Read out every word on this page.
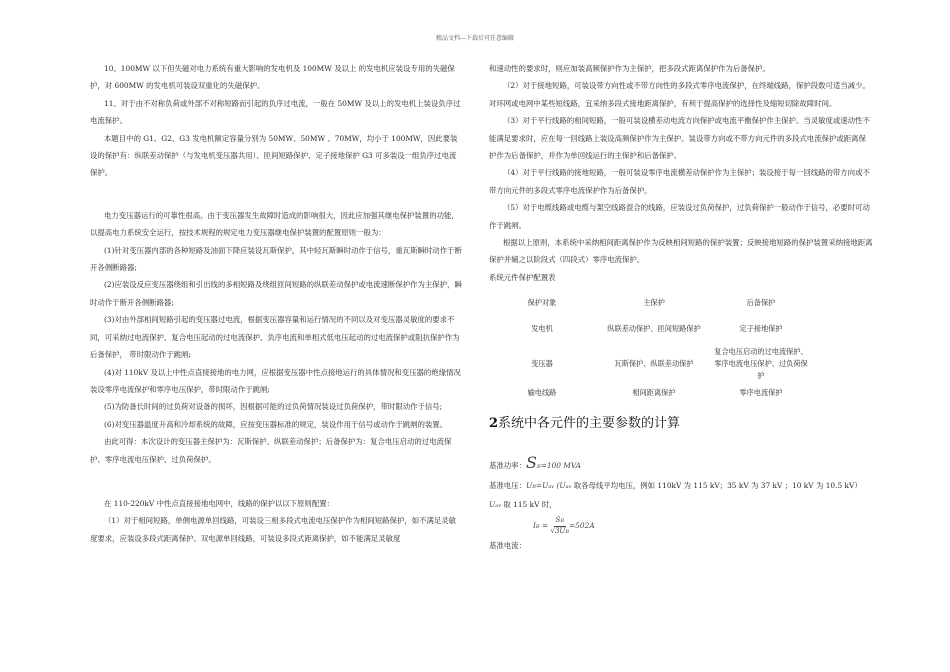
精品文档---下载后可任意编辑

10、100MW 以下但失磁对电力系统有重大影响的发电机及 100MW 及以上 的发电机应装设专用的失磁保护，对 600MW 的发电机可装设双重化的失磁保护。

11、对于由不对称负荷或外部不对称短路而引起的负序过电流，一般在 50MW 及以上的发电机上装设负序过电流保护。

本题目中的 G1、G2、G3 发电机额定容量分别为 50MW、50MW 、70MW，均小于 100MW，因此要装设的保护有：纵联差动保护（与发电机变压器共用）、匝间短路保护、定子接地保护 G3 可多装设一组负序过电流保护。

电力变压器运行的可靠性很高。由于变压器发生故障时造成的影响很大，因此应加强其继电保护装置的功能，以提高电力系统安全运行，按技术规程的规定电力变压器继电保护装置的配置原则一般为：

(1)针对变压器内部的各种短路及油面下降应装设瓦斯保护，其中轻瓦斯瞬时动作于信号，重瓦斯瞬时动作于断开各侧断路器;

(2)应装设反应变压器绕组和引出线的多相短路及绕组匝间短路的纵联差动保护或电流速断保护作为主保护，瞬时动作于断开各侧断路器;

(3)对由外部相间短路引起的变压器过电流，根据变压器容量和运行情况的不同以及对变压器灵敏度的要求不同，可采纳过电流保护、复合电压起动的过电流保护、负序电流和单相式低电压起动的过电流保护或阻抗保护作为后备保护， 带时限动作于跳闸;

(4)对 110kV 及以上中性点直接接地的电力网，应根据变压器中性点接地运行的具体情况和变压器的绝缘情况装设零序电流保护和零序电压保护，带时限动作于跳闸;

(5)为防备长时间的过负荷对设备的损坏，因根据可能的过负荷情况装设过负荷保护，带时限动作于信号;

(6)对变压器温度升高和冷却系统的故障，应按变压器标准的规定，装设作用于信号或动作于跳闸的装置。

由此可得：本次设计的变压器主保护为：瓦斯保护、纵联差动保护；后备保护为：复合电压启动的过电流保护、零序电流电压保护、过负荷保护。

在 110-220kV 中性点直接接地电网中，线路的保护以以下原则配置：

（1）对于相间短路，单侧电源单回线路，可装设三相多段式电流电压保护作为相间短路保护，如不满足灵敏度要求，应装设多段式距离保护。双电源单回线路，可装设多段式距离保护，如不能满足灵敏度

和速动性的要求时，则应加装高频保护作为主保护，把多段式距离保护作为后备保护。

（2）对于接地短路，可装设带方向性或不带方向性的多段式零序电流保护，在终端线路，保护段数可适当减少。对环网或电网中某些短线路，宜采纳多段式接地距离保护，有利于提高保护的选择性及缩短切除故障时间。

（3）对于平行线路的相间短路，一般可装设横差动电流方向保护或电流平衡保护作主保护。当灵敏度或速动性不能满足要求时，应在每一回线路上装设高频保护作为主保护。装设带方向或不带方向元件的多段式电流保护或距离保护作为后备保护，并作为单回线运行的主保护和后备保护。

（4）对于平行线路的接地短路，一般可装设零序电流横差动保护作为主保护；装设接于每一回线路的带方向或不带方向元件的多段式零序电流保护作为后备保护。

（5）对于电缆线路或电缆与架空线路混合的线路，应装设过负荷保护，过负荷保护一般动作于信号，必要时可动作于跳闸。

根据以上原则，本系统中采纳相间距离保护作为反映相间短路的保护装置；反映接地短路的保护装置采纳接地距离保护并辅之以阶段式（四段式）零序电流保护。

系统元件保护配置表

保护对象	主保护	后备保护
发电机	纵联差动保护、匝间短路保护	定子接地保护
变压器	瓦斯保护、纵联差动保护	复合电压启动的过电流保护、零序电流电压保护、过负荷保护
输电线路	相间距离保护	零序电流保护

2系统中各元件的主要参数的计算

基准功率：SB=100 MVA

基准电压：UB=Uav (Uav 取各母线平均电压，例如 110kV 为 115 kV；35 kV 为 37 kV ；10 kV 为 10.5 kV）

Uav 取 115 kV 时，

IB = $\frac{SB}{√3UB} =502A$

基准电流：
